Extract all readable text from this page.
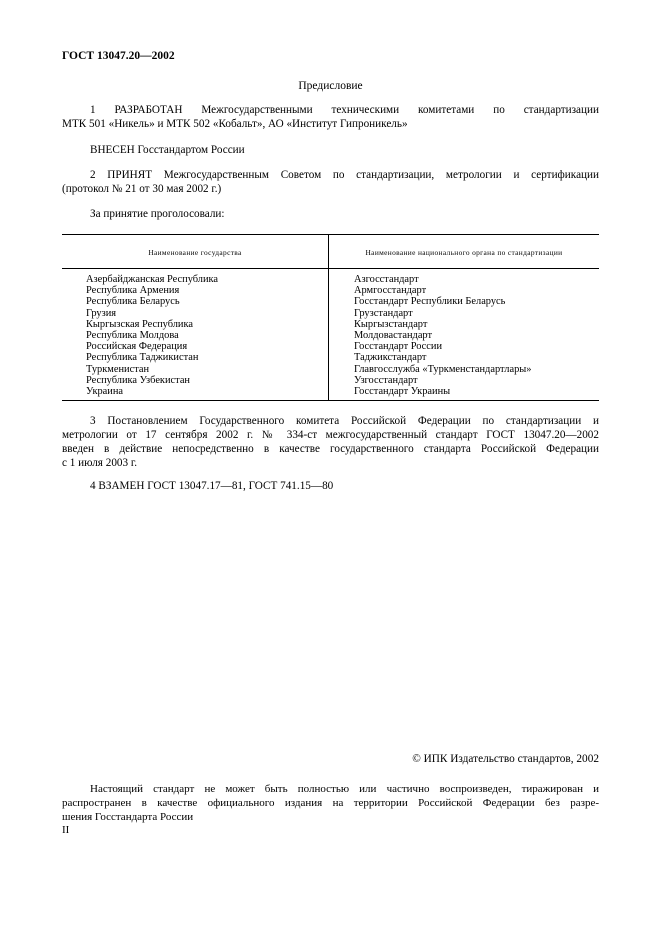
ГОСТ 13047.20—2002
Предисловие
1 РАЗРАБОТАН Межгосударственными техническими комитетами по стандартизации
МТК 501 «Никель» и МТК 502 «Кобальт», АО «Институт Гипроникель»
ВНЕСЕН Госстандартом России
2 ПРИНЯТ Межгосударственным Советом по стандартизации, метрологии и сертификации
(протокол № 21 от 30 мая 2002 г.)
За принятие проголосовали:
Наименование государства	Наименование национального органа по стандартизации
Азербайджанская Республика
Республика Армения
Республика Беларусь
Грузия
Кыргызская Республика
Республика Молдова
Российская Федерация
Республика Таджикистан
Туркменистан
Республика Узбекистан
Украина
Азгосстандарт
Армгосстандарт
Госстандарт Республики Беларусь
Грузстандарт
Кыргызстандарт
Молдовастандарт
Госстандарт России
Таджикстандарт
Главгосслужба «Туркменстандартлары»
Узгосстандарт
Госстандарт Украины
3 Постановлением Государственного комитета Российской Федерации по стандартизации и
метрологии от 17 сентября 2002 г. № 334-ст межгосударственный стандарт ГОСТ 13047.20—2002
введен в действие непосредственно в качестве государственного стандарта Российской Федерации
с 1 июля 2003 г.
4 ВЗАМЕН ГОСТ 13047.17—81, ГОСТ 741.15—80
© ИПК Издательство стандартов, 2002
Настоящий стандарт не может быть полностью или частично воспроизведен, тиражирован и
распространен в качестве официального издания на территории Российской Федерации без разре-
шения Госстандарта России
II
